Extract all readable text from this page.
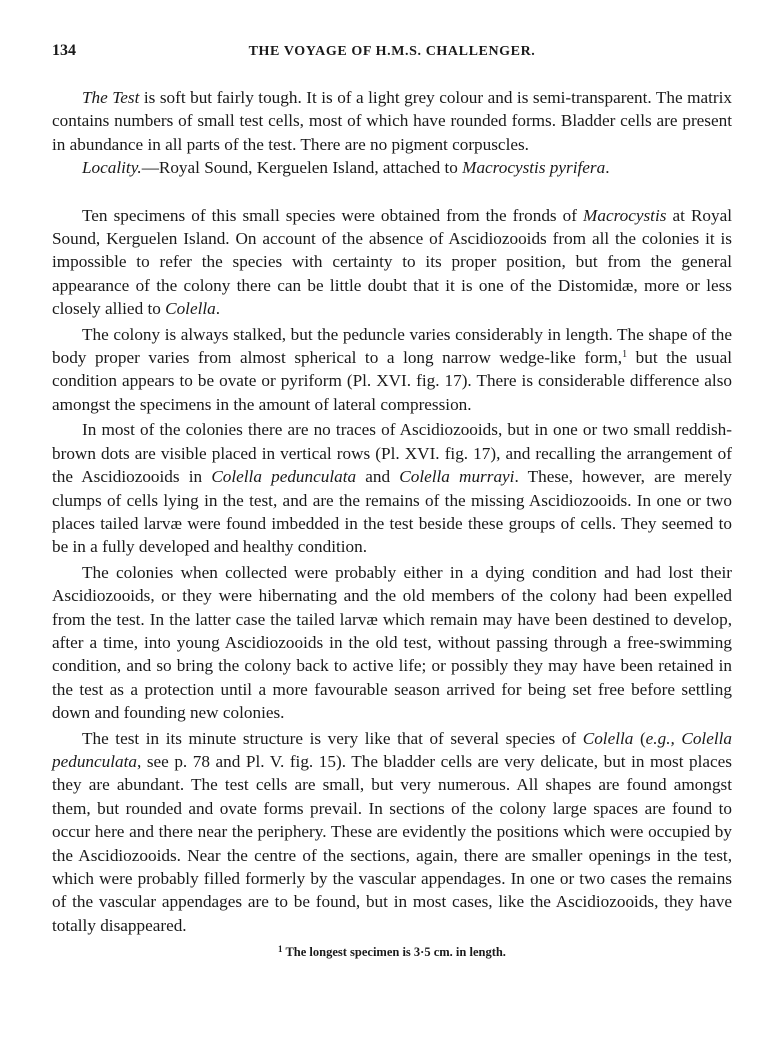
134	THE VOYAGE OF H.M.S. CHALLENGER.

The Test is soft but fairly tough. It is of a light grey colour and is semi-transparent. The matrix contains numbers of small test cells, most of which have rounded forms. Bladder cells are present in abundance in all parts of the test. There are no pigment corpuscles.

Locality.—Royal Sound, Kerguelen Island, attached to Macrocystis pyrifera.

Ten specimens of this small species were obtained from the fronds of Macrocystis at Royal Sound, Kerguelen Island. On account of the absence of Ascidiozooids from all the colonies it is impossible to refer the species with certainty to its proper position, but from the general appearance of the colony there can be little doubt that it is one of the Distomidæ, more or less closely allied to Colella.

The colony is always stalked, but the peduncle varies considerably in length. The shape of the body proper varies from almost spherical to a long narrow wedge-like form,$^1$ but the usual condition appears to be ovate or pyriform (Pl. XVI. fig. 17). There is considerable difference also amongst the specimens in the amount of lateral compression.

In most of the colonies there are no traces of Ascidiozooids, but in one or two small reddish-brown dots are visible placed in vertical rows (Pl. XVI. fig. 17), and recalling the arrangement of the Ascidiozooids in Colella pedunculata and Colella murrayi. These, however, are merely clumps of cells lying in the test, and are the remains of the missing Ascidiozooids. In one or two places tailed larvæ were found imbedded in the test beside these groups of cells. They seemed to be in a fully developed and healthy condition.

The colonies when collected were probably either in a dying condition and had lost their Ascidiozooids, or they were hibernating and the old members of the colony had been expelled from the test. In the latter case the tailed larvæ which remain may have been destined to develop, after a time, into young Ascidiozooids in the old test, without passing through a free-swimming condition, and so bring the colony back to active life; or possibly they may have been retained in the test as a protection until a more favourable season arrived for being set free before settling down and founding new colonies.

The test in its minute structure is very like that of several species of Colella (e.g., Colella pedunculata, see p. 78 and Pl. V. fig. 15). The bladder cells are very delicate, but in most places they are abundant. The test cells are small, but very numerous. All shapes are found amongst them, but rounded and ovate forms prevail. In sections of the colony large spaces are found to occur here and there near the periphery. These are evidently the positions which were occupied by the Ascidiozooids. Near the centre of the sections, again, there are smaller openings in the test, which were probably filled formerly by the vascular appendages. In one or two cases the remains of the vascular appendages are to be found, but in most cases, like the Ascidiozooids, they have totally disappeared.

$^1$ The longest specimen is 3·5 cm. in length.
